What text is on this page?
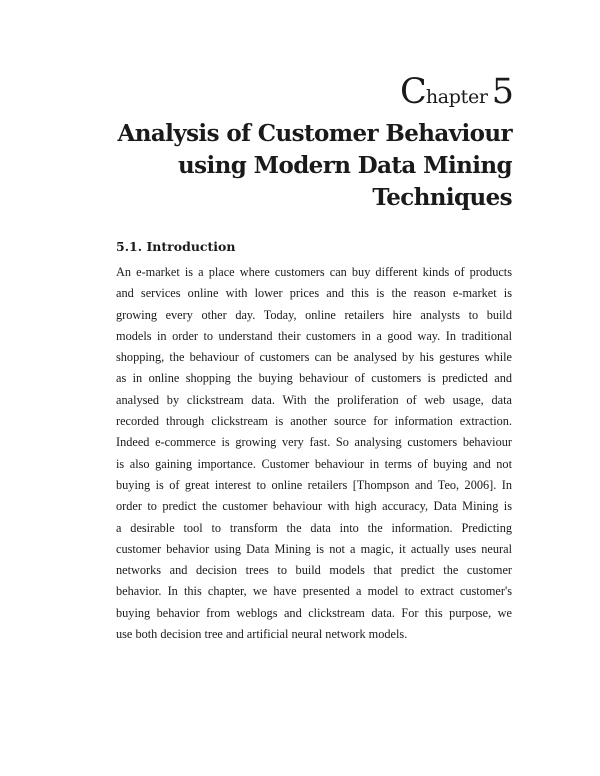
Chapter 5
Analysis of Customer Behaviour using Modern Data Mining Techniques
5.1. Introduction
An e-market is a place where customers can buy different kinds of products
and services online with lower prices and this is the reason e-market is
growing every other day. Today, online retailers hire analysts to build
models in order to understand their customers in a good way. In traditional
shopping, the behaviour of customers can be analysed by his gestures while
as in online shopping the buying behaviour of customers is predicted and
analysed by clickstream data. With the proliferation of web usage, data
recorded through clickstream is another source for information extraction.
Indeed e-commerce is growing very fast. So analysing customers behaviour
is also gaining importance. Customer behaviour in terms of buying and not
buying is of great interest to online retailers [Thompson and Teo, 2006]. In
order to predict the customer behaviour with high accuracy, Data Mining is
a desirable tool to transform the data into the information. Predicting
customer behavior using Data Mining is not a magic, it actually uses neural
networks and decision trees to build models that predict the customer
behavior. In this chapter, we have presented a model to extract customer's
buying behavior from weblogs and clickstream data. For this purpose, we
use both decision tree and artificial neural network models.
